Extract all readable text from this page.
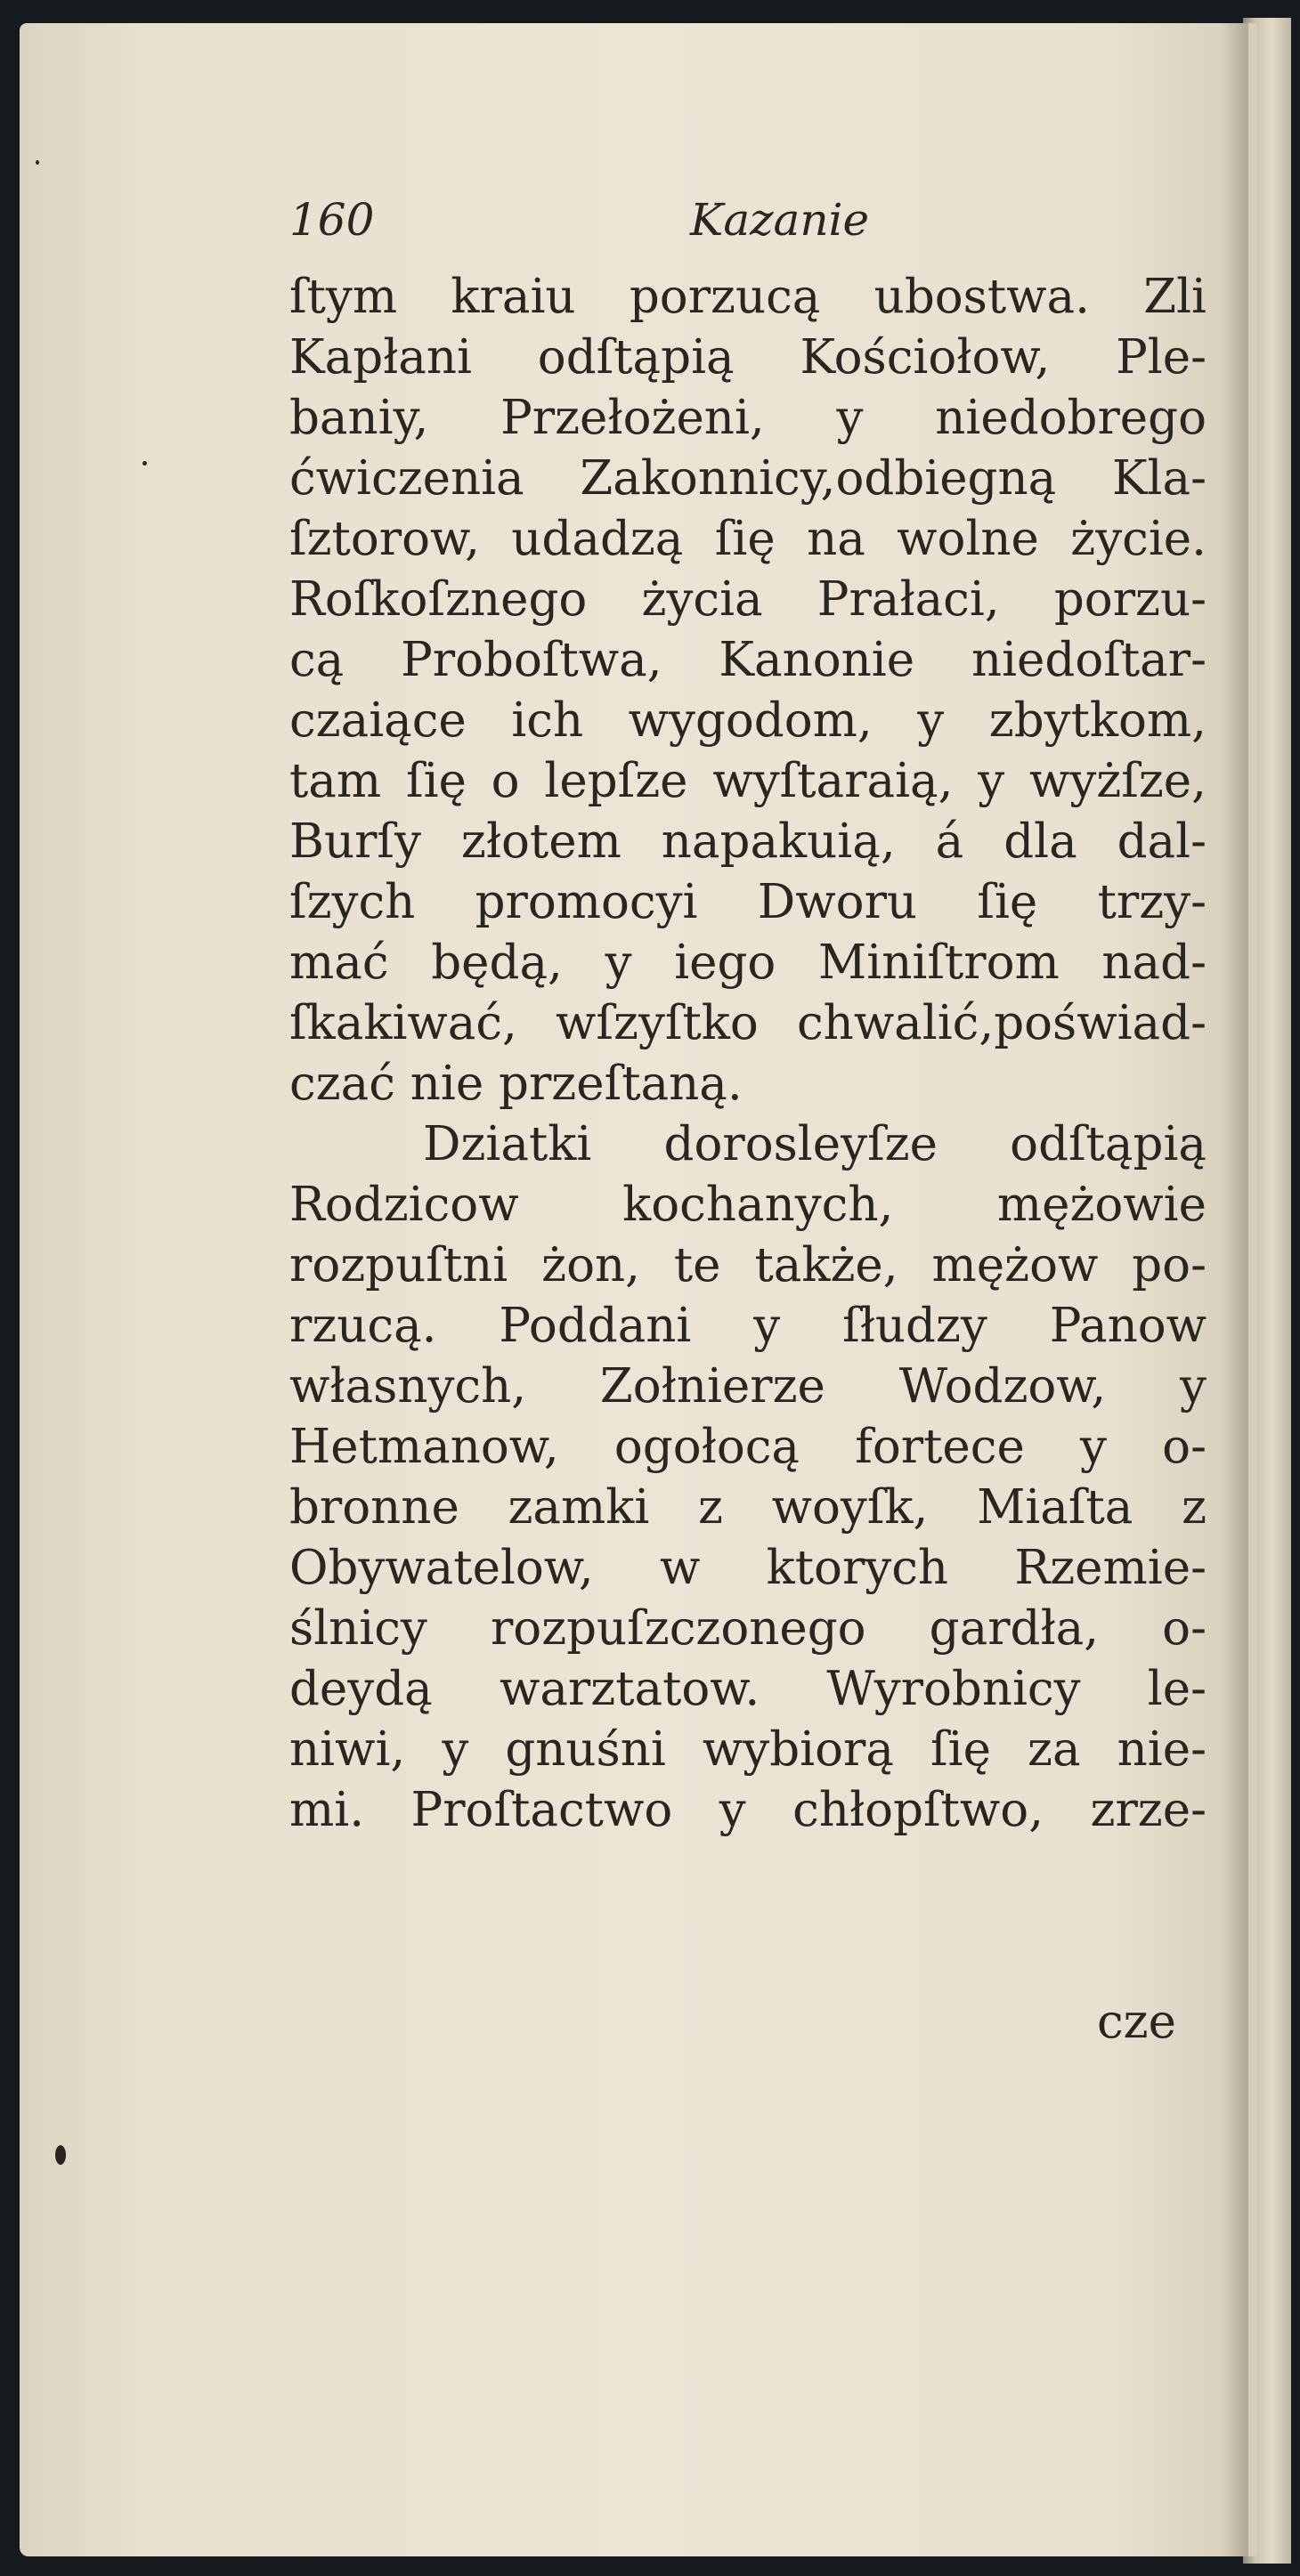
160	Kazanie
ſtym kraiu porzucą ubostwa. Zli
Kapłani odſtąpią Kościołow, Ple-
baniy, Przełożeni, y niedobrego
ćwiczenia Zakonnicy,odbiegną Kla-
ſztorow, udadzą ſię na wolne życie.
Roſkoſznego życia Prałaci, porzu-
cą Proboſtwa, Kanonie niedoſtar-
czaiące ich wygodom, y zbytkom,
tam ſię o lepſze wyſtaraią, y wyżſze,
Burſy złotem napakuią, á dla dal-
ſzych promocyi Dworu ſię trzy-
mać będą, y iego Miniſtrom nad-
ſkakiwać, wſzyſtko chwalić,poświad-
czać nie przeſtaną.
Dziatki dorosleyſze odſtąpią
Rodzicow kochanych, mężowie
rozpuſtni żon, te także, mężow po-
rzucą. Poddani y ſłudzy Panow
własnych, Zołnierze Wodzow, y
Hetmanow, ogołocą fortece y o-
bronne zamki z woyſk, Miaſta z
Obywatelow, w ktorych Rzemie-
ślnicy rozpuſzczonego gardła, o-
deydą warztatow. Wyrobnicy le-
niwi, y gnuśni wybiorą ſię za nie-
mi. Proſtactwo y chłopſtwo, zrze-
cze
